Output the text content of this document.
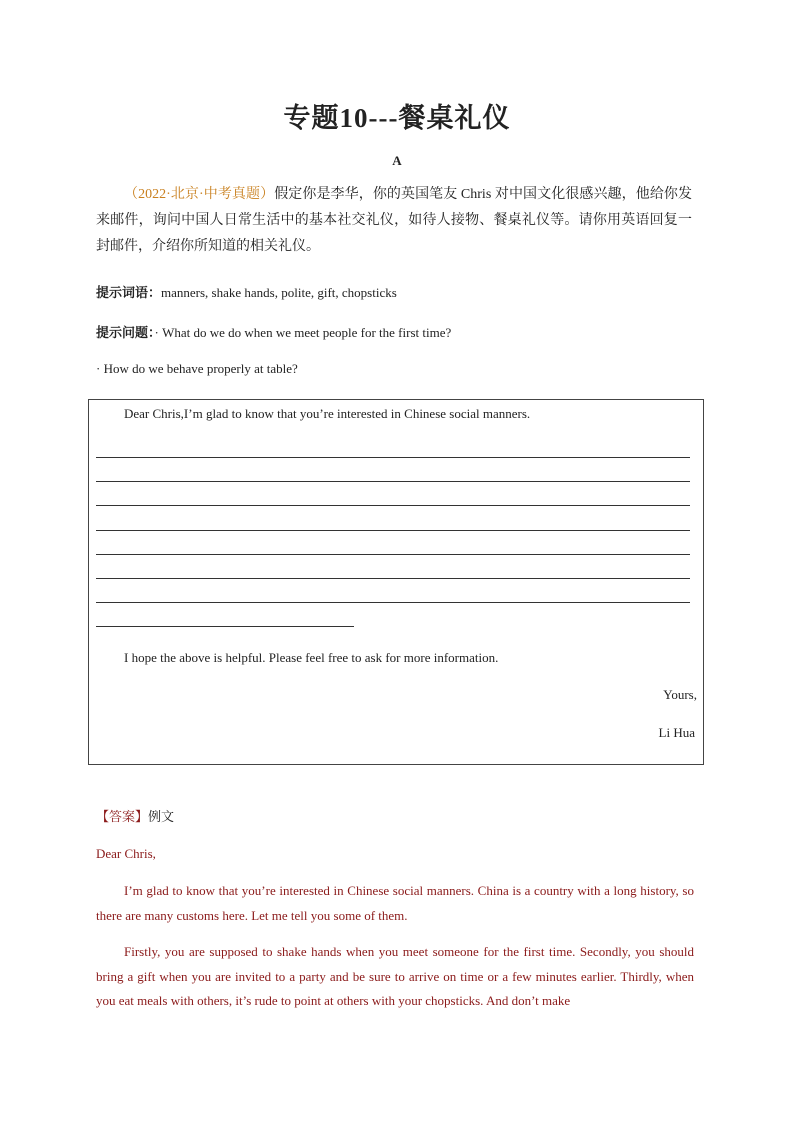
专题10---餐桌礼仪
A
（2022·北京·中考真题）假定你是李华，你的英国笔友 Chris 对中国文化很感兴趣，他给你发来邮件，询问中国人日常生活中的基本社交礼仪，如待人接物、餐桌礼仪等。请你用英语回复一封邮件，介绍你所知道的相关礼仪。
提示词语：manners, shake hands, polite, gift, chopsticks
提示问题：· What do we do when we meet people for the first time?
· How do we behave properly at table?
Dear Chris,I’m glad to know that you’re interested in Chinese social manners.
I hope the above is helpful. Please feel free to ask for more information.
Yours,
Li Hua
【答案】例文
Dear Chris,
I’m glad to know that you’re interested in Chinese social manners. China is a country with a long history, so there are many customs here. Let me tell you some of them.
Firstly, you are supposed to shake hands when you meet someone for the first time. Secondly, you should bring a gift when you are invited to a party and be sure to arrive on time or a few minutes earlier. Thirdly, when you eat meals with others, it’s rude to point at others with your chopsticks. And don’t make
